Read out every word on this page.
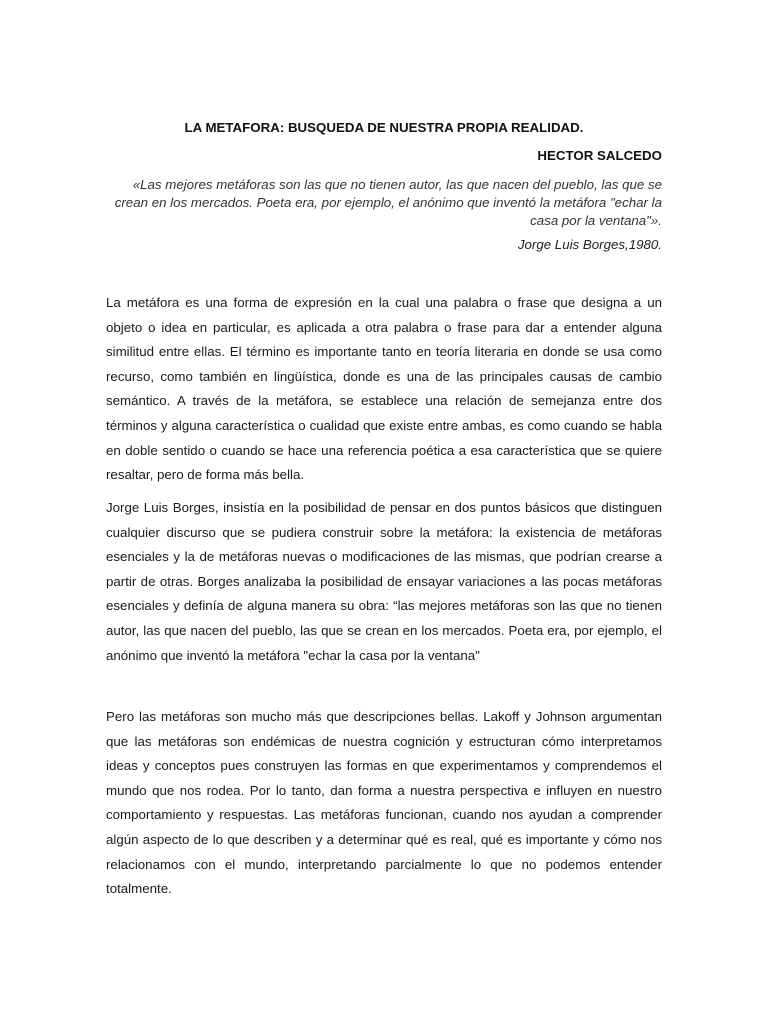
LA METAFORA: BUSQUEDA DE NUESTRA PROPIA REALIDAD.

HECTOR SALCEDO

«Las mejores metáforas son las que no tienen autor, las que nacen del pueblo, las que se crean en los mercados. Poeta era, por ejemplo, el anónimo que inventó la metáfora "echar la casa por la ventana"».

Jorge Luis Borges,1980.

La metáfora es una forma de expresión en la cual una palabra o frase que designa a un objeto o idea en particular, es aplicada a otra palabra o frase para dar a entender alguna similitud entre ellas. El término es importante tanto en teoría literaria en donde se usa como recurso, como también en lingüística, donde es una de las principales causas de cambio semántico. A través de la metáfora, se establece una relación de semejanza entre dos términos y alguna característica o cualidad que existe entre ambas, es como cuando se habla en doble sentido o cuando se hace una referencia poética a esa característica que se quiere resaltar, pero de forma más bella.

Jorge Luis Borges, insistía en la posibilidad de pensar en dos puntos básicos que distinguen cualquier discurso que se pudiera construir sobre la metáfora: la existencia de metáforas esenciales y la de metáforas nuevas o modificaciones de las mismas, que podrían crearse a partir de otras. Borges analizaba la posibilidad de ensayar variaciones a las pocas metáforas esenciales y definía de alguna manera su obra: “las mejores metáforas son las que no tienen autor, las que nacen del pueblo, las que se crean en los mercados. Poeta era, por ejemplo, el anónimo que inventó la metáfora "echar la casa por la ventana"

Pero las metáforas son mucho más que descripciones bellas. Lakoff y Johnson argumentan que las metáforas son endémicas de nuestra cognición y estructuran cómo interpretamos ideas y conceptos pues construyen las formas en que experimentamos y comprendemos el mundo que nos rodea. Por lo tanto, dan forma a nuestra perspectiva e influyen en nuestro comportamiento y respuestas. Las metáforas funcionan, cuando nos ayudan a comprender algún aspecto de lo que describen y a determinar qué es real, qué es importante y cómo nos relacionamos con el mundo, interpretando parcialmente lo que no podemos entender totalmente.
